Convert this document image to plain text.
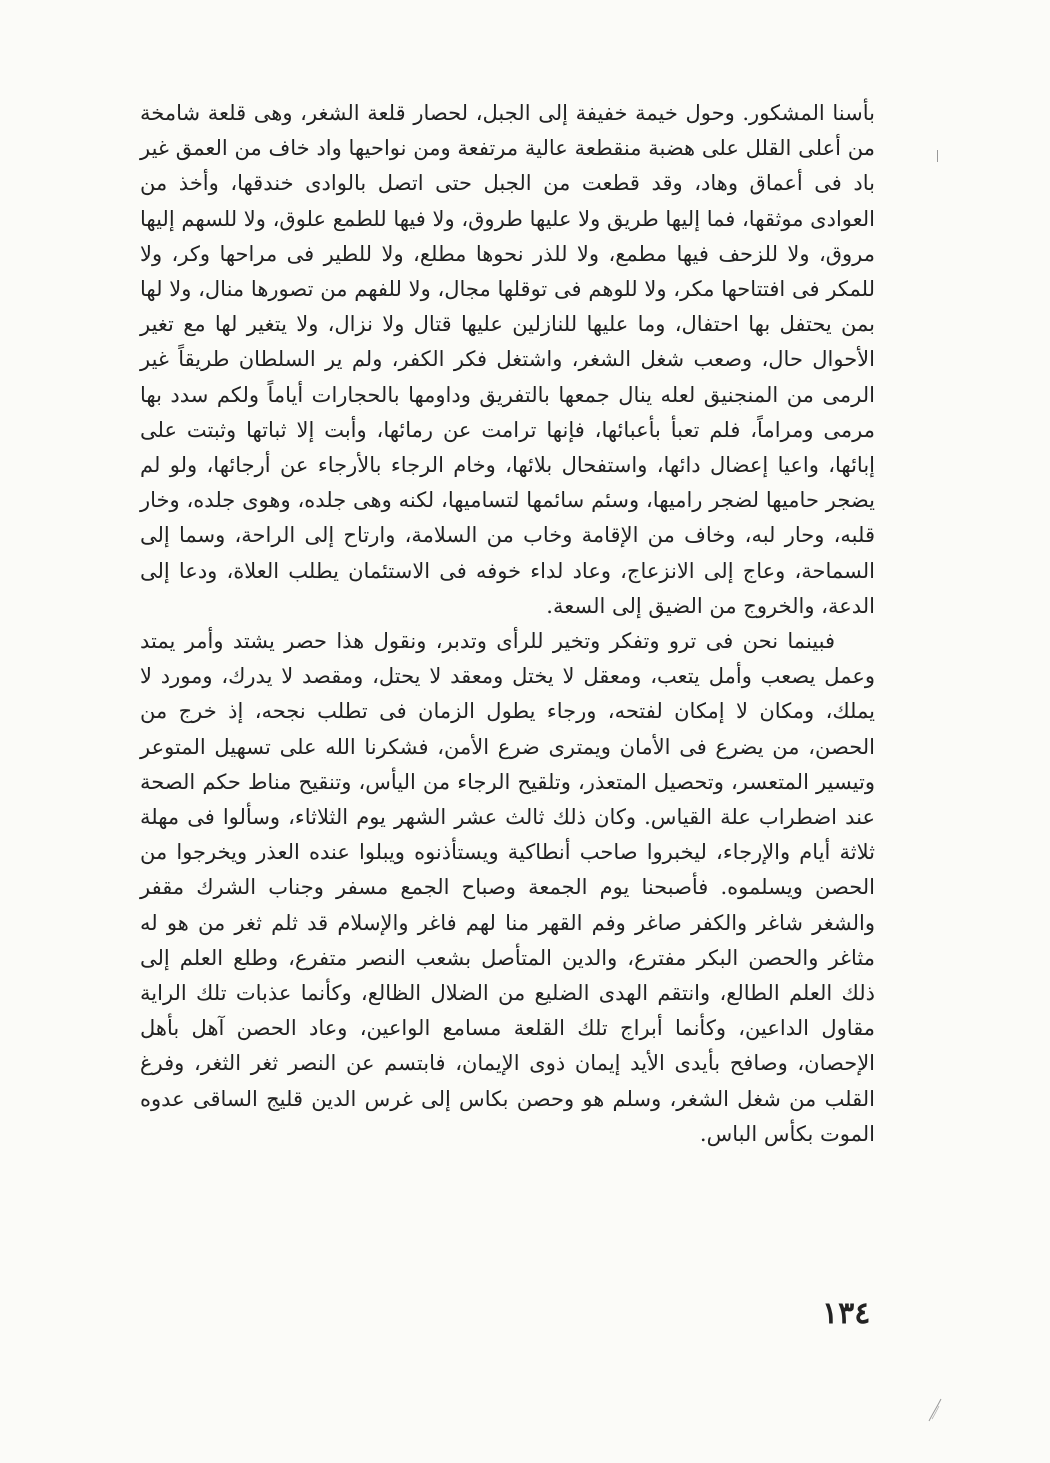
بأسنا المشكور. وحول خيمة خفيفة إلى الجبل، لحصار قلعة الشغر، وهى قلعة شامخة من أعلى القلل على هضبة منقطعة عالية مرتفعة ومن نواحيها واد خاف من العمق غير باد فى أعماق وهاد، وقد قطعت من الجبل حتى اتصل بالوادى خندقها، وأخذ من العوادى موثقها، فما إليها طريق ولا عليها طروق، ولا فيها للطمع علوق، ولا للسهم إليها مروق، ولا للزحف فيها مطمع، ولا للذر نحوها مطلع، ولا للطير فى مراحها وكر، ولا للمكر فى افتتاحها مكر، ولا للوهم فى توقلها مجال، ولا للفهم من تصورها منال، ولا لها بمن يحتفل بها احتفال، وما عليها للنازلين عليها قتال ولا نزال، ولا يتغير لها مع تغير الأحوال حال، وصعب شغل الشغر، واشتغل فكر الكفر، ولم ير السلطان طريقاً غير الرمى من المنجنيق لعله ينال جمعها بالتفريق وداومها بالحجارات أياماً ولكم سدد بها مرمى ومراماً، فلم تعبأ بأعبائها، فإنها ترامت عن رمائها، وأبت إلا ثباتها وثبتت على إبائها، واعيا إعضال دائها، واستفحال بلائها، وخام الرجاء بالأرجاء عن أرجائها، ولو لم يضجر حاميها لضجر راميها، وسئم سائمها لتساميها، لكنه وهى جلده، وهوى جلده، وخار قلبه، وحار لبه، وخاف من الإقامة وخاب من السلامة، وارتاح إلى الراحة، وسما إلى السماحة، وعاج إلى الانزعاج، وعاد لداء خوفه فى الاستئمان يطلب العلاة، ودعا إلى الدعة، والخروج من الضيق إلى السعة.

فبينما نحن فى ترو وتفكر وتخير للرأى وتدبر، ونقول هذا حصر يشتد وأمر يمتد وعمل يصعب وأمل يتعب، ومعقل لا يختل ومعقد لا يحتل، ومقصد لا يدرك، ومورد لا يملك، ومكان لا إمكان لفتحه، ورجاء يطول الزمان فى تطلب نجحه، إذ خرج من الحصن، من يضرع فى الأمان ويمترى ضرع الأمن، فشكرنا الله على تسهيل المتوعر وتيسير المتعسر، وتحصيل المتعذر، وتلقيح الرجاء من اليأس، وتنقيح مناط حكم الصحة عند اضطراب علة القياس. وكان ذلك ثالث عشر الشهر يوم الثلاثاء، وسألوا فى مهلة ثلاثة أيام والإرجاء، ليخبروا صاحب أنطاكية ويستأذنوه ويبلوا عنده العذر ويخرجوا من الحصن ويسلموه. فأصبحنا يوم الجمعة وصباح الجمع مسفر وجناب الشرك مقفر والشغر شاغر والكفر صاغر وفم القهر منا لهم فاغر والإسلام قد ثلم ثغر من هو له مثاغر والحصن البكر مفترع، والدين المتأصل بشعب النصر متفرع، وطلع العلم إلى ذلك العلم الطالع، وانتقم الهدى الضليع من الضلال الظالع، وكأنما عذبات تلك الراية مقاول الداعين، وكأنما أبراج تلك القلعة مسامع الواعين، وعاد الحصن آهل بأهل الإحصان، وصافح بأيدى الأيد إيمان ذوى الإيمان، فابتسم عن النصر ثغر الثغر، وفرغ القلب من شغل الشغر، وسلم هو وحصن بكاس إلى غرس الدين قليج الساقى عدوه الموت بكأس الباس.

١٣٤
